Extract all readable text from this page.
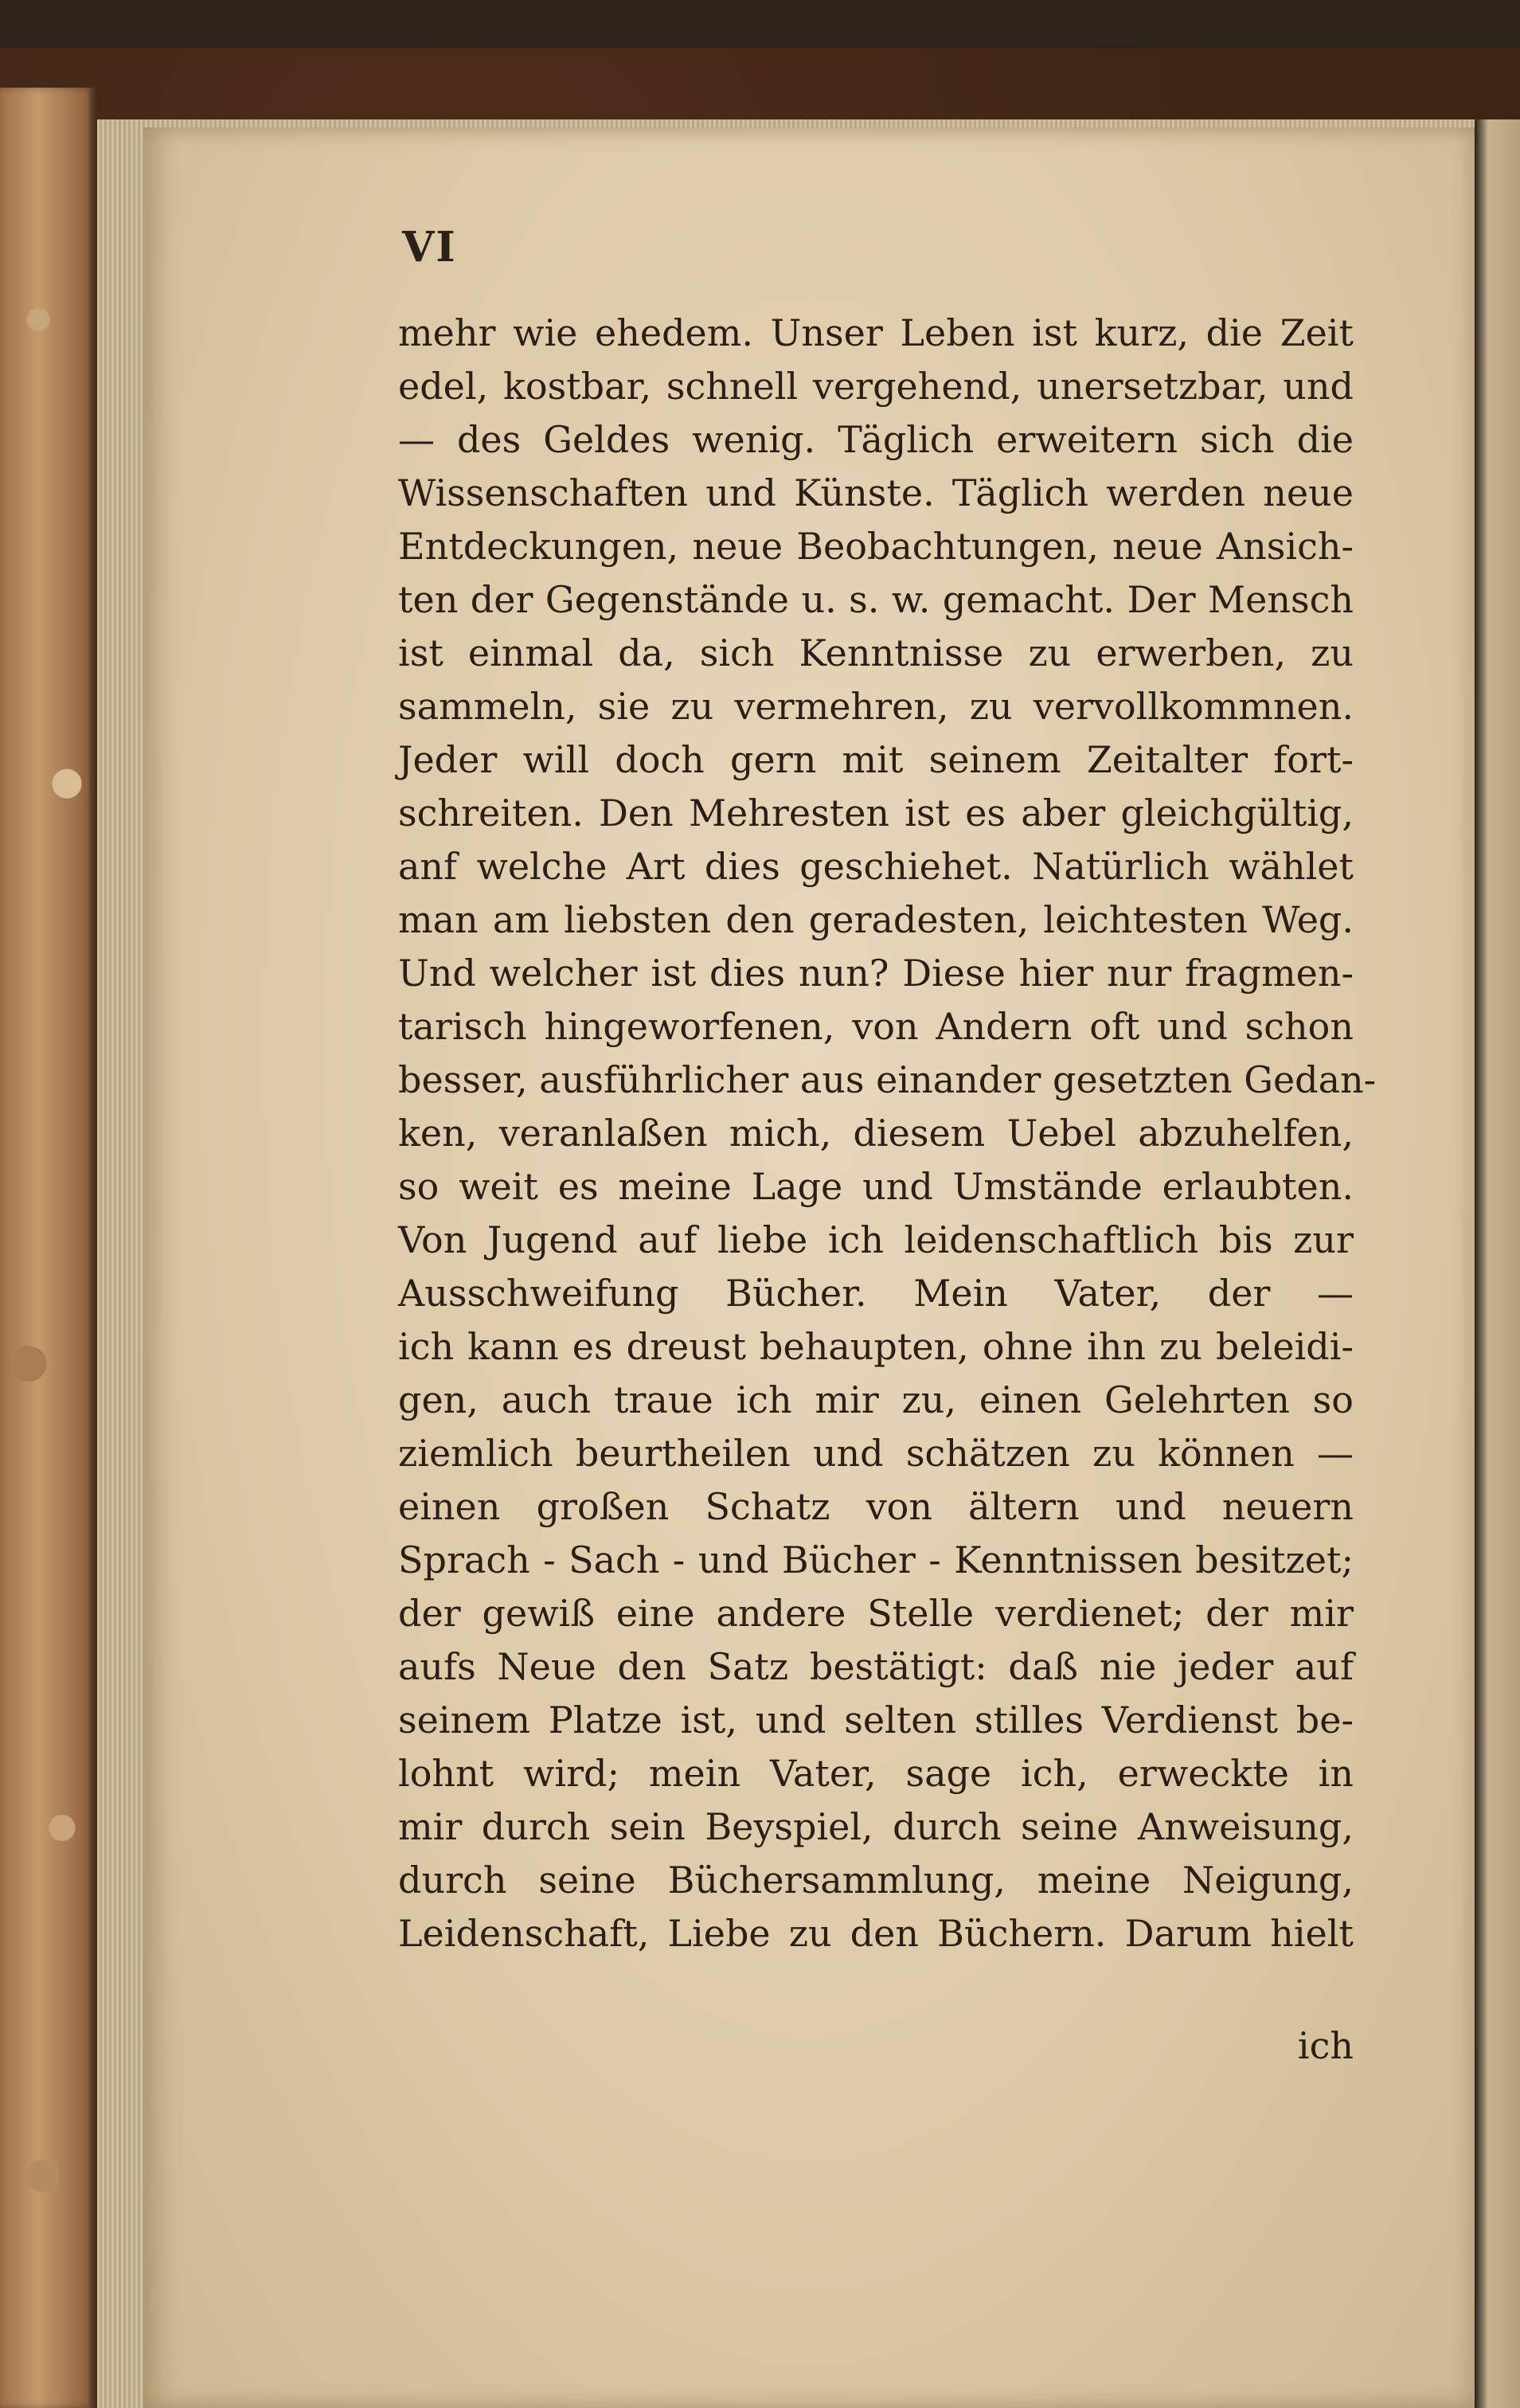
VI

mehr wie ehedem. Unser Leben ist kurz, die Zeit
edel, kostbar, schnell vergehend, unersetzbar, und
— des Geldes wenig. Täglich erweitern sich die
Wissenschaften und Künste. Täglich werden neue
Entdeckungen, neue Beobachtungen, neue Ansich-
ten der Gegenstände u. s. w. gemacht. Der Mensch
ist einmal da, sich Kenntnisse zu erwerben, zu
sammeln, sie zu vermehren, zu vervollkommnen.
Jeder will doch gern mit seinem Zeitalter fort-
schreiten. Den Mehresten ist es aber gleichgültig,
anf welche Art dies geschiehet. Natürlich wählet
man am liebsten den geradesten, leichtesten Weg.
Und welcher ist dies nun? Diese hier nur fragmen-
tarisch hingeworfenen, von Andern oft und schon
besser, ausführlicher aus einander gesetzten Gedan-
ken, veranlaßen mich, diesem Uebel abzuhelfen,
so weit es meine Lage und Umstände erlaubten.
Von Jugend auf liebe ich leidenschaftlich bis zur
Ausschweifung Bücher. Mein Vater, der —
ich kann es dreust behaupten, ohne ihn zu beleidi-
gen, auch traue ich mir zu, einen Gelehrten so
ziemlich beurtheilen und schätzen zu können —
einen großen Schatz von ältern und neuern
Sprach - Sach - und Bücher - Kenntnissen besitzet;
der gewiß eine andere Stelle verdienet; der mir
aufs Neue den Satz bestätigt: daß nie jeder auf
seinem Platze ist, und selten stilles Verdienst be-
lohnt wird; mein Vater, sage ich, erweckte in
mir durch sein Beyspiel, durch seine Anweisung,
durch seine Büchersammlung, meine Neigung,
Leidenschaft, Liebe zu den Büchern. Darum hielt

ich
